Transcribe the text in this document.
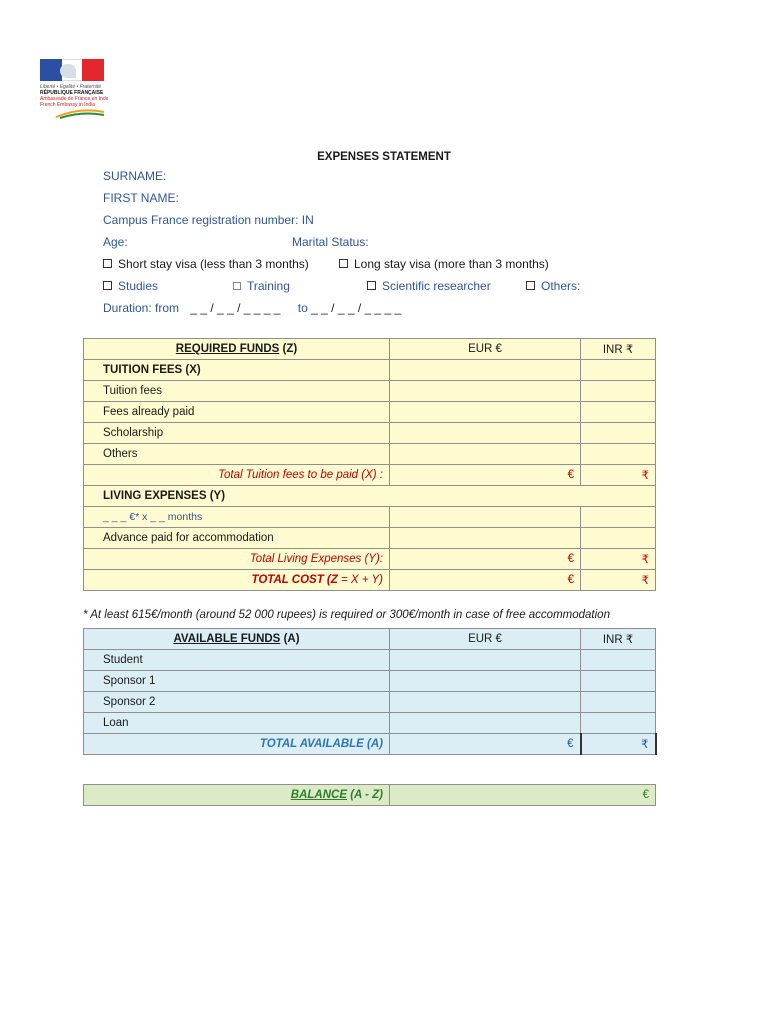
Liberté • Égalité • Fraternité
RÉPUBLIQUE FRANÇAISE
Ambassade de France en Inde
French Embassy in India
EXPENSES STATEMENT
SURNAME:
FIRST NAME:
Campus France registration number: IN
Age:	Marital Status:
Short stay visa (less than 3 months)	Long stay visa (more than 3 months)
Studies	Training	Scientific researcher	Others:
Duration: from _ _ / _ _ / _ _ _ _ to _ _ / _ _ / _ _ _ _
REQUIRED FUNDS (Z)	EUR €	INR ₹
TUITION FEES (X)		
Tuition fees		
Fees already paid		
Scholarship		
Others		
Total Tuition fees to be paid (X) :	€	₹
LIVING EXPENSES (Y)		
_ _ _ €* x _ _ months		
Advance paid for accommodation		
Total Living Expenses (Y):	€	₹
TOTAL COST (Z = X + Y)	€	₹
* At least 615€/month (around 52 000 rupees) is required or 300€/month in case of free accommodation
AVAILABLE FUNDS (A)	EUR €	INR ₹
Student		
Sponsor 1		
Sponsor 2		
Loan		
TOTAL AVAILABLE (A)	€	₹
BALANCE (A - Z)	€
